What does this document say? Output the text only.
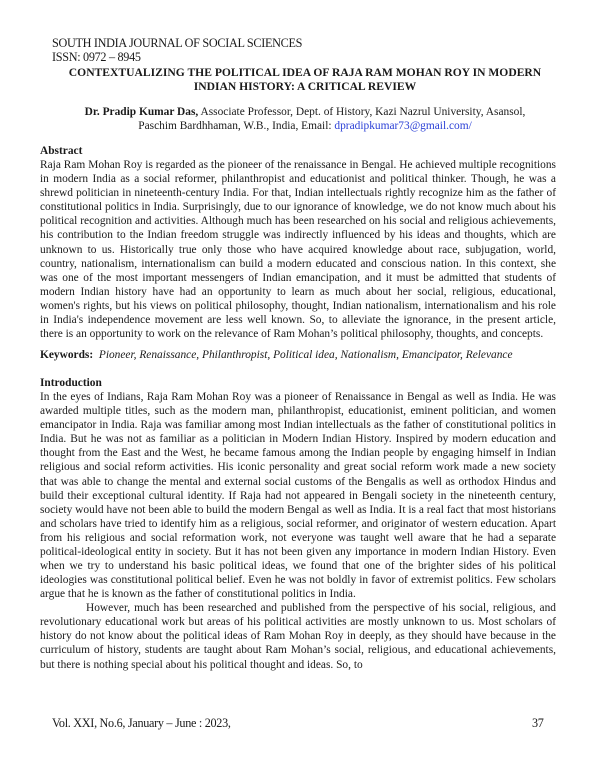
SOUTH INDIA JOURNAL OF SOCIAL SCIENCES
ISSN: 0972 – 8945
CONTEXTUALIZING THE POLITICAL IDEA OF RAJA RAM MOHAN ROY IN MODERN
INDIAN HISTORY: A CRITICAL REVIEW
Dr. Pradip Kumar Das, Associate Professor, Dept. of History, Kazi Nazrul University, Asansol,
Paschim Bardhhaman, W.B., India, Email: dpradipkumar73@gmail.com/
Abstract

Raja Ram Mohan Roy is regarded as the pioneer of the renaissance in Bengal. He achieved multiple recognitions in modern India as a social reformer, philanthropist and educationist and political thinker. Though, he was a shrewd politician in nineteenth-century India. For that, Indian intellectuals rightly recognize him as the father of constitutional politics in India. Surprisingly, due to our ignorance of knowledge, we do not know much about his political recognition and activities. Although much has been researched on his social and religious achievements, his contribution to the Indian freedom struggle was indirectly influenced by his ideas and thoughts, which are unknown to us. Historically true only those who have acquired knowledge about race, subjugation, world, country, nationalism, internationalism can build a modern educated and conscious nation. In this context, she was one of the most important messengers of Indian emancipation, and it must be admitted that students of modern Indian history have had an opportunity to learn as much about her social, religious, educational, women's rights, but his views on political philosophy, thought, Indian nationalism, internationalism and his role in India's independence movement are less well known. So, to alleviate the ignorance, in the present article, there is an opportunity to work on the relevance of Ram Mohan’s political philosophy, thoughts, and concepts.

Keywords: Pioneer, Renaissance, Philanthropist, Political idea, Nationalism, Emancipator, Relevance
Introduction

In the eyes of Indians, Raja Ram Mohan Roy was a pioneer of Renaissance in Bengal as well as India. He was awarded multiple titles, such as the modern man, philanthropist, educationist, eminent politician, and women emancipator in India. Raja was familiar among most Indian intellectuals as the father of constitutional politics in India. But he was not as familiar as a politician in Modern Indian History. Inspired by modern education and thought from the East and the West, he became famous among the Indian people by engaging himself in Indian religious and social reform activities. His iconic personality and great social reform work made a new society that was able to change the mental and external social customs of the Bengalis as well as orthodox Hindus and build their exceptional cultural identity. If Raja had not appeared in Bengali society in the nineteenth century, society would have not been able to build the modern Bengal as well as India. It is a real fact that most historians and scholars have tried to identify him as a religious, social reformer, and originator of western education. Apart from his religious and social reformation work, not everyone was taught well aware that he had a separate political-ideological entity in society. But it has not been given any importance in modern Indian History. Even when we try to understand his basic political ideas, we found that one of the brighter sides of his political ideologies was constitutional political belief. Even he was not boldly in favor of extremist politics. Few scholars argue that he is known as the father of constitutional politics in India.

However, much has been researched and published from the perspective of his social, religious, and revolutionary educational work but areas of his political activities are mostly unknown to us. Most scholars of history do not know about the political ideas of Ram Mohan Roy in deeply, as they should have because in the curriculum of history, students are taught about Ram Mohan’s social, religious, and educational achievements, but there is nothing special about his political thought and ideas. So, to

Vol. XXI, No.6, January – June : 2023,	37
